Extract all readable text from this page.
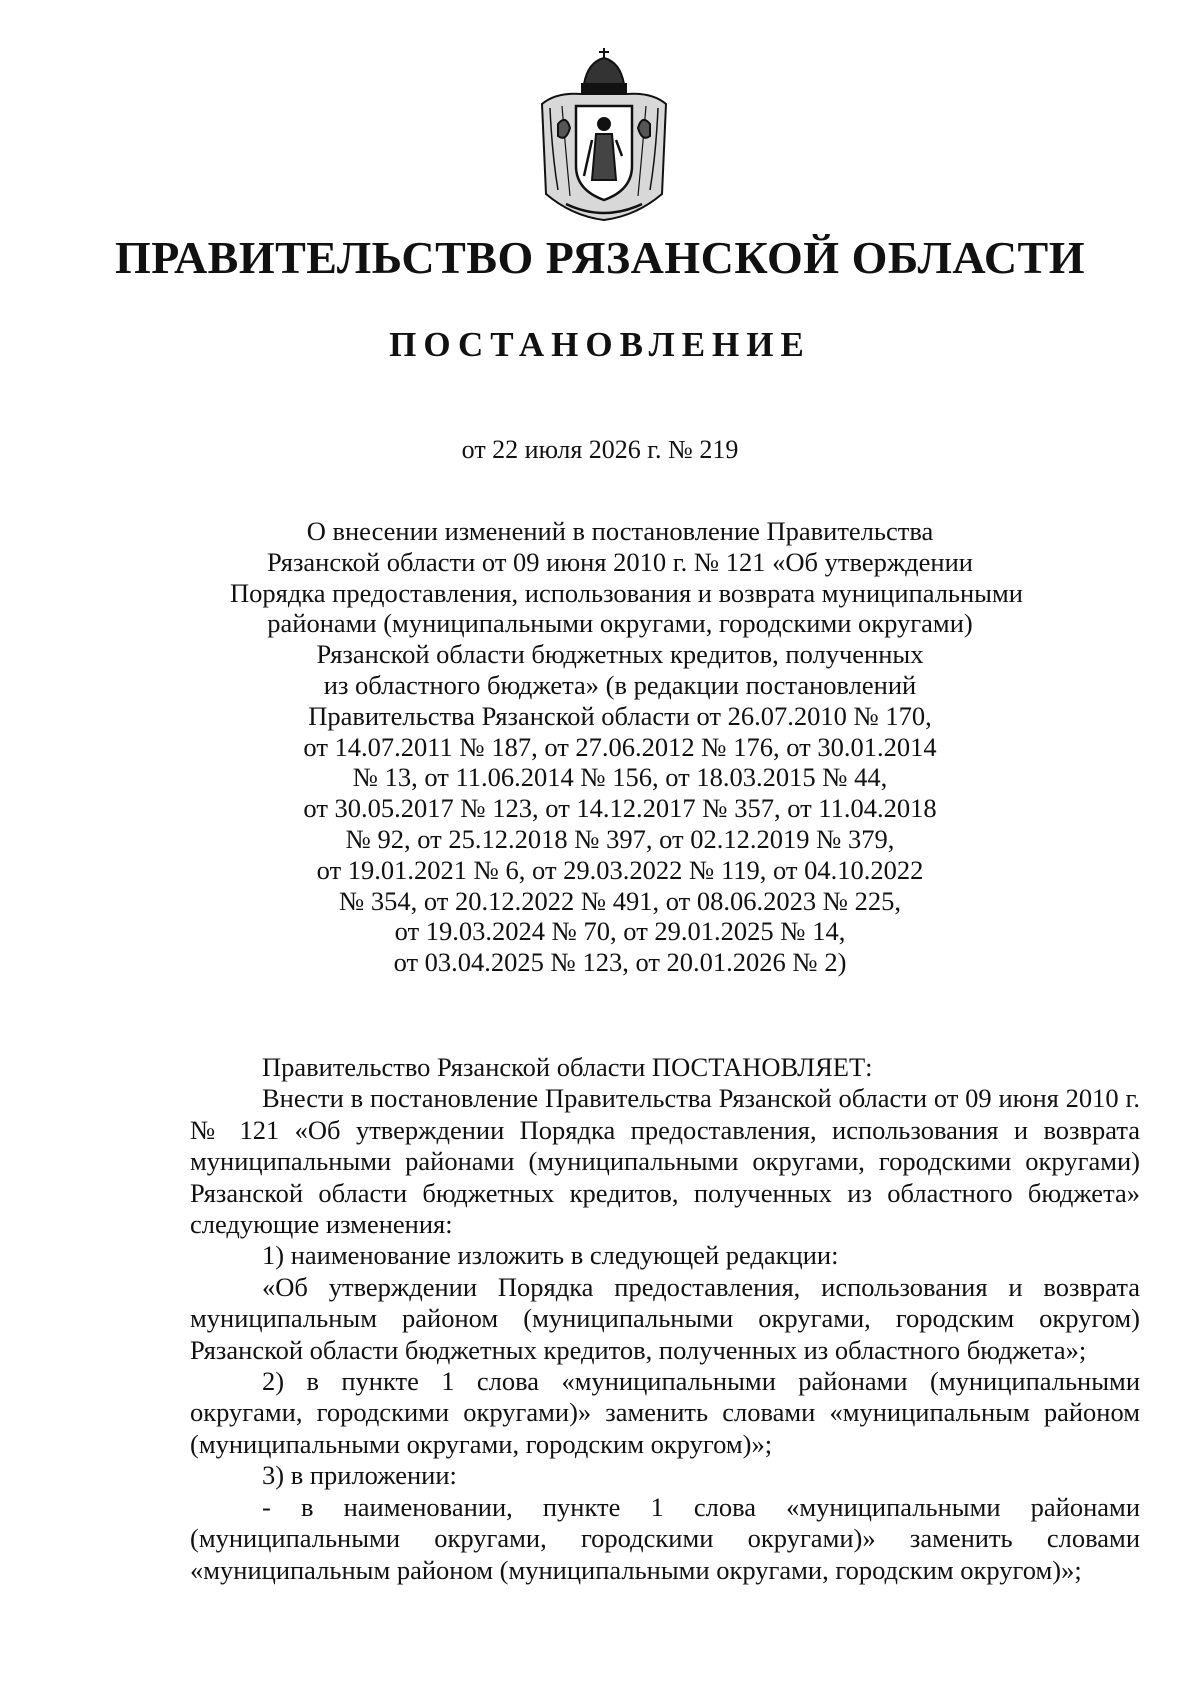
ПРАВИТЕЛЬСТВО РЯЗАНСКОЙ ОБЛАСТИ
ПОСТАНОВЛЕНИЕ
от 22 июля 2026 г. № 219
О внесении изменений в постановление Правительства
Рязанской области от 09 июня 2010 г. № 121 «Об утверждении
Порядка предоставления, использования и возврата муниципальными
районами (муниципальными округами, городскими округами)
Рязанской области бюджетных кредитов, полученных
из областного бюджета» (в редакции постановлений
Правительства Рязанской области от 26.07.2010 № 170,
от 14.07.2011 № 187, от 27.06.2012 № 176, от 30.01.2014
№ 13, от 11.06.2014 № 156, от 18.03.2015 № 44,
от 30.05.2017 № 123, от 14.12.2017 № 357, от 11.04.2018
№ 92, от 25.12.2018 № 397, от 02.12.2019 № 379,
от 19.01.2021 № 6, от 29.03.2022 № 119, от 04.10.2022
№ 354, от 20.12.2022 № 491, от 08.06.2023 № 225,
от 19.03.2024 № 70, от 29.01.2025 № 14,
от 03.04.2025 № 123, от 20.01.2026 № 2)

Правительство Рязанской области ПОСТАНОВЛЯЕТ:

Внести в постановление Правительства Рязанской области от 09 июня 2010 г. № 121 «Об утверждении Порядка предоставления, использования и возврата муниципальными районами (муниципальными округами, городскими округами) Рязанской области бюджетных кредитов, полученных из областного бюджета» следующие изменения:

1) наименование изложить в следующей редакции:

«Об утверждении Порядка предоставления, использования и возврата муниципальным районом (муниципальными округами, городским округом) Рязанской области бюджетных кредитов, полученных из областного бюджета»;

2) в пункте 1 слова «муниципальными районами (муниципальными округами, городскими округами)» заменить словами «муниципальным районом (муниципальными округами, городским округом)»;

3) в приложении:

- в наименовании, пункте 1 слова «муниципальными районами (муниципальными округами, городскими округами)» заменить словами «муниципальным районом (муниципальными округами, городским округом)»;
